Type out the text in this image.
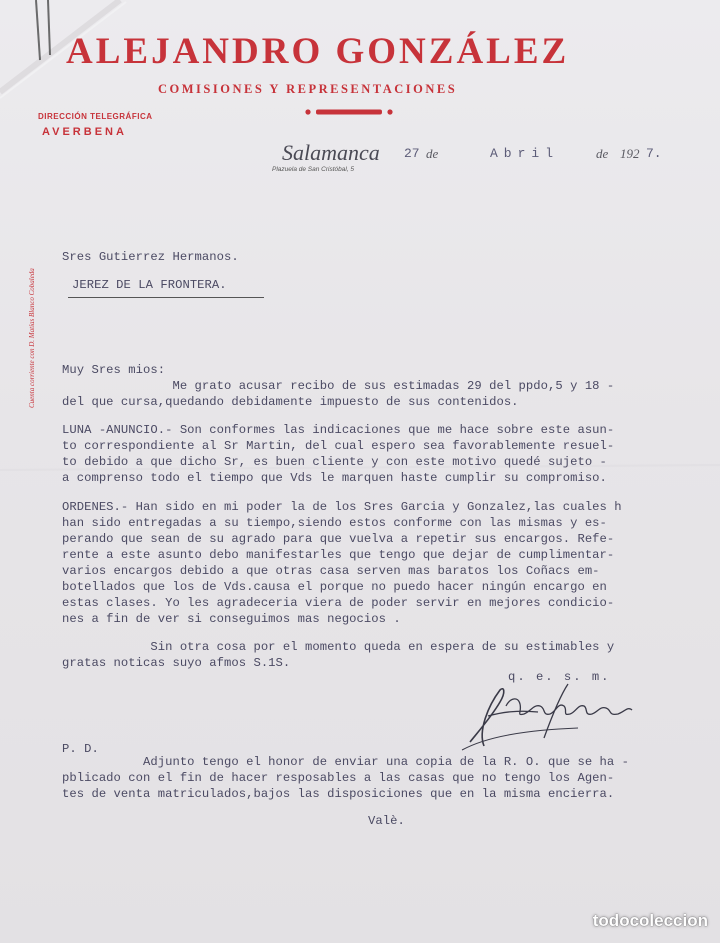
ALEJANDRO GONZÁLEZ
COMISIONES Y REPRESENTACIONES
DIRECCIÓN TELEGRÁFICA
AVERBENA
Cuenta corriente con D. Matías Blanco Cobaleda
Salamanca 27 de	Abril	de 192 7.
Plazuela de San Cristóbal, 5
Sres Gutierrez Hermanos.
JEREZ DE LA FRONTERA.
Muy Sres mios:
Me grato acusar recibo de sus estimadas 29 del ppdo,5 y 18 -
del que cursa,quedando debidamente impuesto de sus contenidos.
LUNA -ANUNCIO.- Son conformes las indicaciones que me hace sobre este asun-
to correspondiente al Sr Martin, del cual espero sea favorablemente resuel-
to debido a que dicho Sr, es buen cliente y con este motivo quedé sujeto -
a comprenso todo el tiempo que Vds le marquen haste cumplir su compromiso.
ORDENES.- Han sido en mi poder la de los Sres Garcia y Gonzalez,las cuales h
han sido entregadas a su tiempo,siendo estos conforme con las mismas y es-
perando que sean de su agrado para que vuelva a repetir sus encargos. Refe-
rente a este asunto debo manifestarles que tengo que dejar de cumplimentar-
varios encargos debido a que otras casa serven mas baratos los Coñacs em-
botellados que los de Vds.causa el porque no puedo hacer ningún encargo en
estas clases. Yo les agradeceria viera de poder servir en mejores condicio-
nes a fin de ver si conseguimos mas negocios .
Sin otra cosa por el momento queda en espera de su estimables y
gratas noticas suyo afmos S.1S.
q. e. s. m.
P. D.
Adjunto tengo el honor de enviar una copia de la R. O. que se ha -
pblicado con el fin de hacer resposables a las casas que no tengo los Agen-
tes de venta matriculados,bajos las disposiciones que en la misma encierra.
Valè.
todocoleccion
